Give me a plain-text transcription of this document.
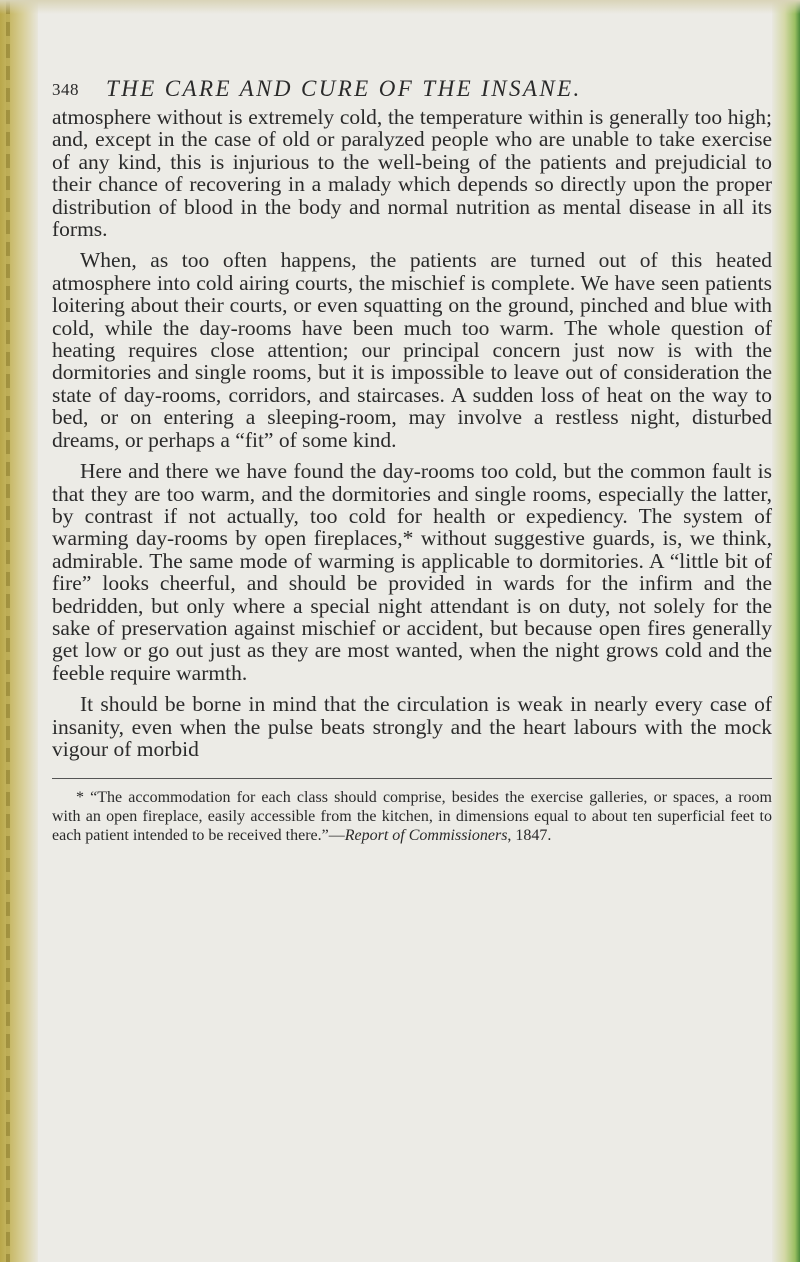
348 THE CARE AND CURE OF THE INSANE.

atmosphere without is extremely cold, the temperature within is generally too high; and, except in the case of old or paralyzed people who are unable to take exercise of any kind, this is injurious to the well-being of the patients and prejudicial to their chance of recovering in a malady which depends so directly upon the proper distribution of blood in the body and normal nutrition as mental disease in all its forms.

When, as too often happens, the patients are turned out of this heated atmosphere into cold airing courts, the mischief is complete. We have seen patients loitering about their courts, or even squatting on the ground, pinched and blue with cold, while the day-rooms have been much too warm. The whole question of heating requires close attention; our principal concern just now is with the dormitories and single rooms, but it is impossible to leave out of consideration the state of day-rooms, corridors, and staircases. A sudden loss of heat on the way to bed, or on entering a sleeping-room, may involve a restless night, disturbed dreams, or perhaps a “fit” of some kind.

Here and there we have found the day-rooms too cold, but the common fault is that they are too warm, and the dormitories and single rooms, especially the latter, by contrast if not actually, too cold for health or expediency. The system of warming day-rooms by open fireplaces,* without suggestive guards, is, we think, admirable. The same mode of warming is applicable to dormitories. A “little bit of fire” looks cheerful, and should be provided in wards for the infirm and the bedridden, but only where a special night attendant is on duty, not solely for the sake of preservation against mischief or accident, but because open fires generally get low or go out just as they are most wanted, when the night grows cold and the feeble require warmth.

It should be borne in mind that the circulation is weak in nearly every case of insanity, even when the pulse beats strongly and the heart labours with the mock vigour of morbid

* “The accommodation for each class should comprise, besides the exercise galleries, or spaces, a room with an open fireplace, easily accessible from the kitchen, in dimensions equal to about ten superficial feet to each patient intended to be received there.”—Report of Commissioners, 1847.
